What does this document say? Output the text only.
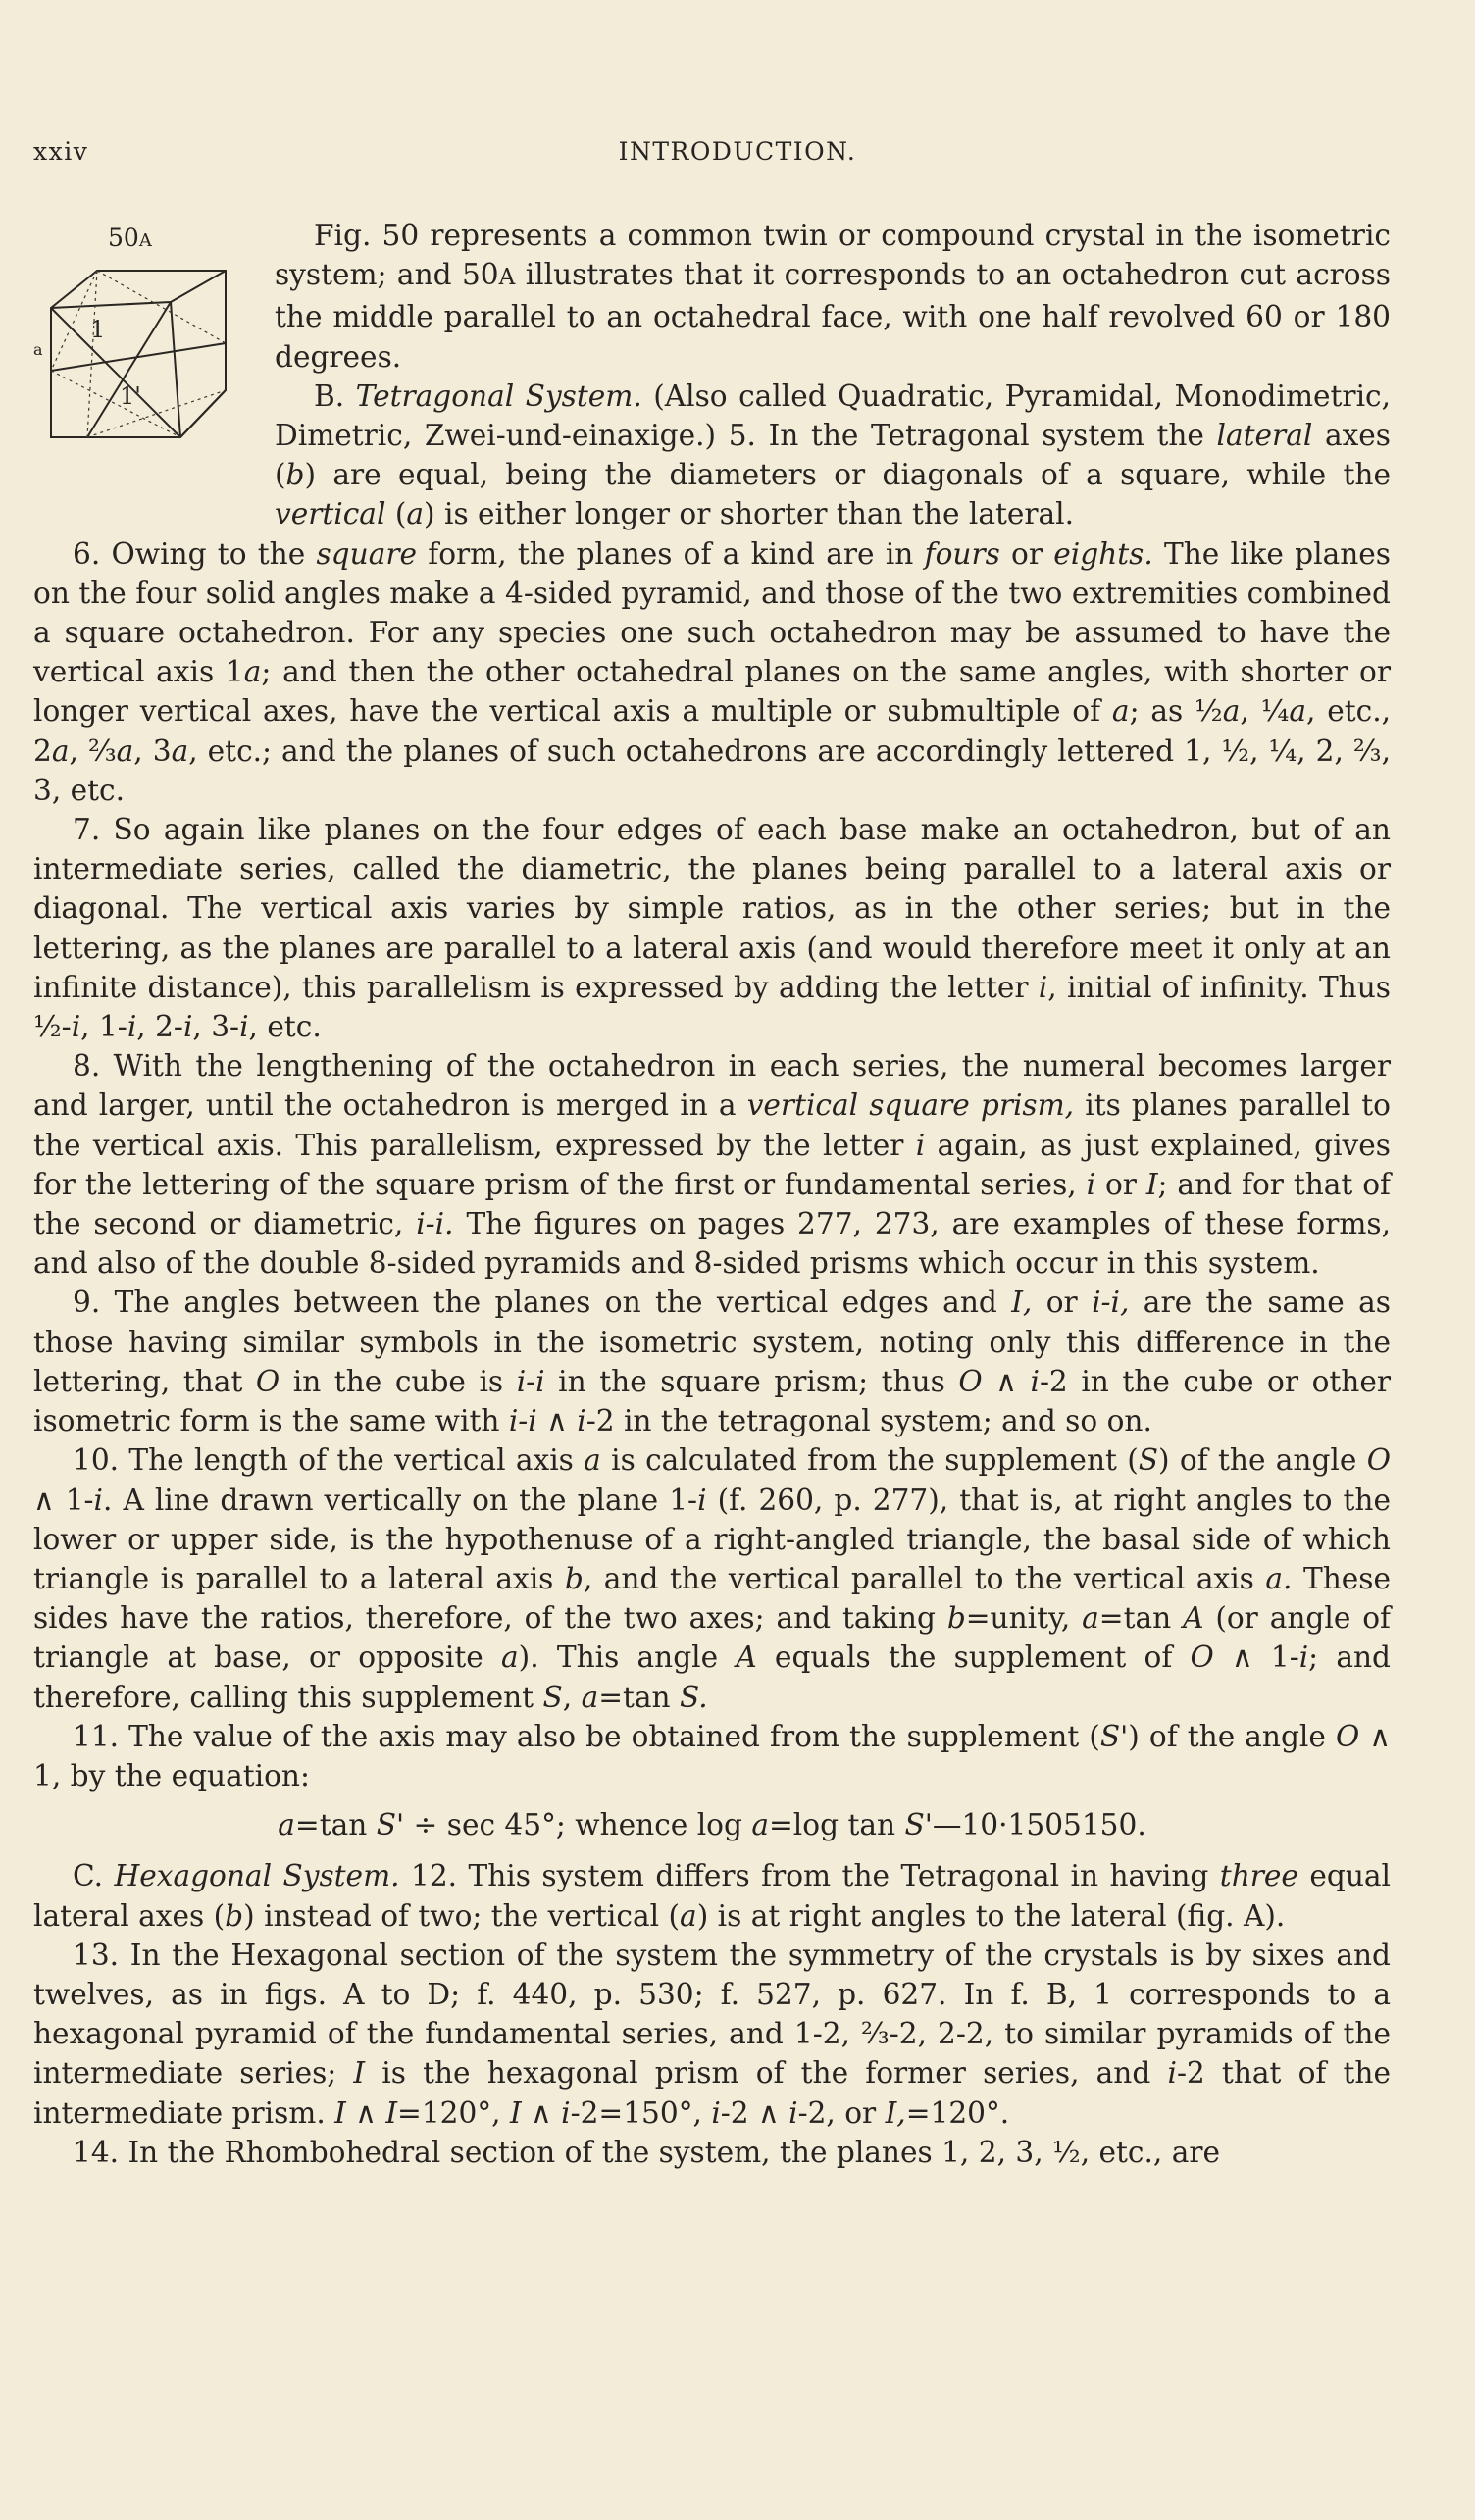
xxiv	INTRODUCTION.
50A
1
1'
a

Fig. 50 represents a common twin or compound crystal in the isometric system; and 50A illustrates that it corresponds to an octahedron cut across the middle parallel to an octahedral face, with one half revolved 60 or 180 degrees.

B. Tetragonal System. (Also called Quadratic, Pyramidal, Monodimetric, Dimetric, Zwei-und-einaxige.) 5. In the Tetragonal system the lateral axes (b) are equal, being the diameters or diagonals of a square, while the vertical (a) is either longer or shorter than the lateral.

6. Owing to the square form, the planes of a kind are in fours or eights. The like planes on the four solid angles make a 4-sided pyramid, and those of the two extremities combined a square octahedron. For any species one such octahedron may be assumed to have the vertical axis 1a; and then the other octahedral planes on the same angles, with shorter or longer vertical axes, have the vertical axis a multiple or submultiple of a; as ½a, ¼a, etc., 2a, ⅔a, 3a, etc.; and the planes of such octahedrons are accordingly lettered 1, ½, ¼, 2, ⅔, 3, etc.

7. So again like planes on the four edges of each base make an octahedron, but of an intermediate series, called the diametric, the planes being parallel to a lateral axis or diagonal. The vertical axis varies by simple ratios, as in the other series; but in the lettering, as the planes are parallel to a lateral axis (and would therefore meet it only at an infinite distance), this parallelism is expressed by adding the letter i, initial of infinity. Thus ½-i, 1-i, 2-i, 3-i, etc.

8. With the lengthening of the octahedron in each series, the numeral becomes larger and larger, until the octahedron is merged in a vertical square prism, its planes parallel to the vertical axis. This parallelism, expressed by the letter i again, as just explained, gives for the lettering of the square prism of the first or fundamental series, i or I; and for that of the second or diametric, i-i. The figures on pages 277, 273, are examples of these forms, and also of the double 8-sided pyramids and 8-sided prisms which occur in this system.

9. The angles between the planes on the vertical edges and I, or i-i, are the same as those having similar symbols in the isometric system, noting only this difference in the lettering, that O in the cube is i-i in the square prism; thus O ∧ i-2 in the cube or other isometric form is the same with i-i ∧ i-2 in the tetragonal system; and so on.

10. The length of the vertical axis a is calculated from the supplement (S) of the angle O ∧ 1-i. A line drawn vertically on the plane 1-i (f. 260, p. 277), that is, at right angles to the lower or upper side, is the hypothenuse of a right-angled triangle, the basal side of which triangle is parallel to a lateral axis b, and the vertical parallel to the vertical axis a. These sides have the ratios, therefore, of the two axes; and taking b=unity, a=tan A (or angle of triangle at base, or opposite a). This angle A equals the supplement of O ∧ 1-i; and therefore, calling this supplement S, a=tan S.

11. The value of the axis may also be obtained from the supplement (S') of the angle O ∧ 1, by the equation:

a=tan S' ÷ sec 45°; whence log a=log tan S'—10·1505150.

C. Hexagonal System. 12. This system differs from the Tetragonal in having three equal lateral axes (b) instead of two; the vertical (a) is at right angles to the lateral (fig. A).

13. In the Hexagonal section of the system the symmetry of the crystals is by sixes and twelves, as in figs. A to D; f. 440, p. 530; f. 527, p. 627. In f. B, 1 corresponds to a hexagonal pyramid of the fundamental series, and 1-2, ⅔-2, 2-2, to similar pyramids of the intermediate series; I is the hexagonal prism of the former series, and i-2 that of the intermediate prism. I ∧ I=120°, I ∧ i-2=150°, i-2 ∧ i-2, or I,=120°.

14. In the Rhombohedral section of the system, the planes 1, 2, 3, ½, etc., are
